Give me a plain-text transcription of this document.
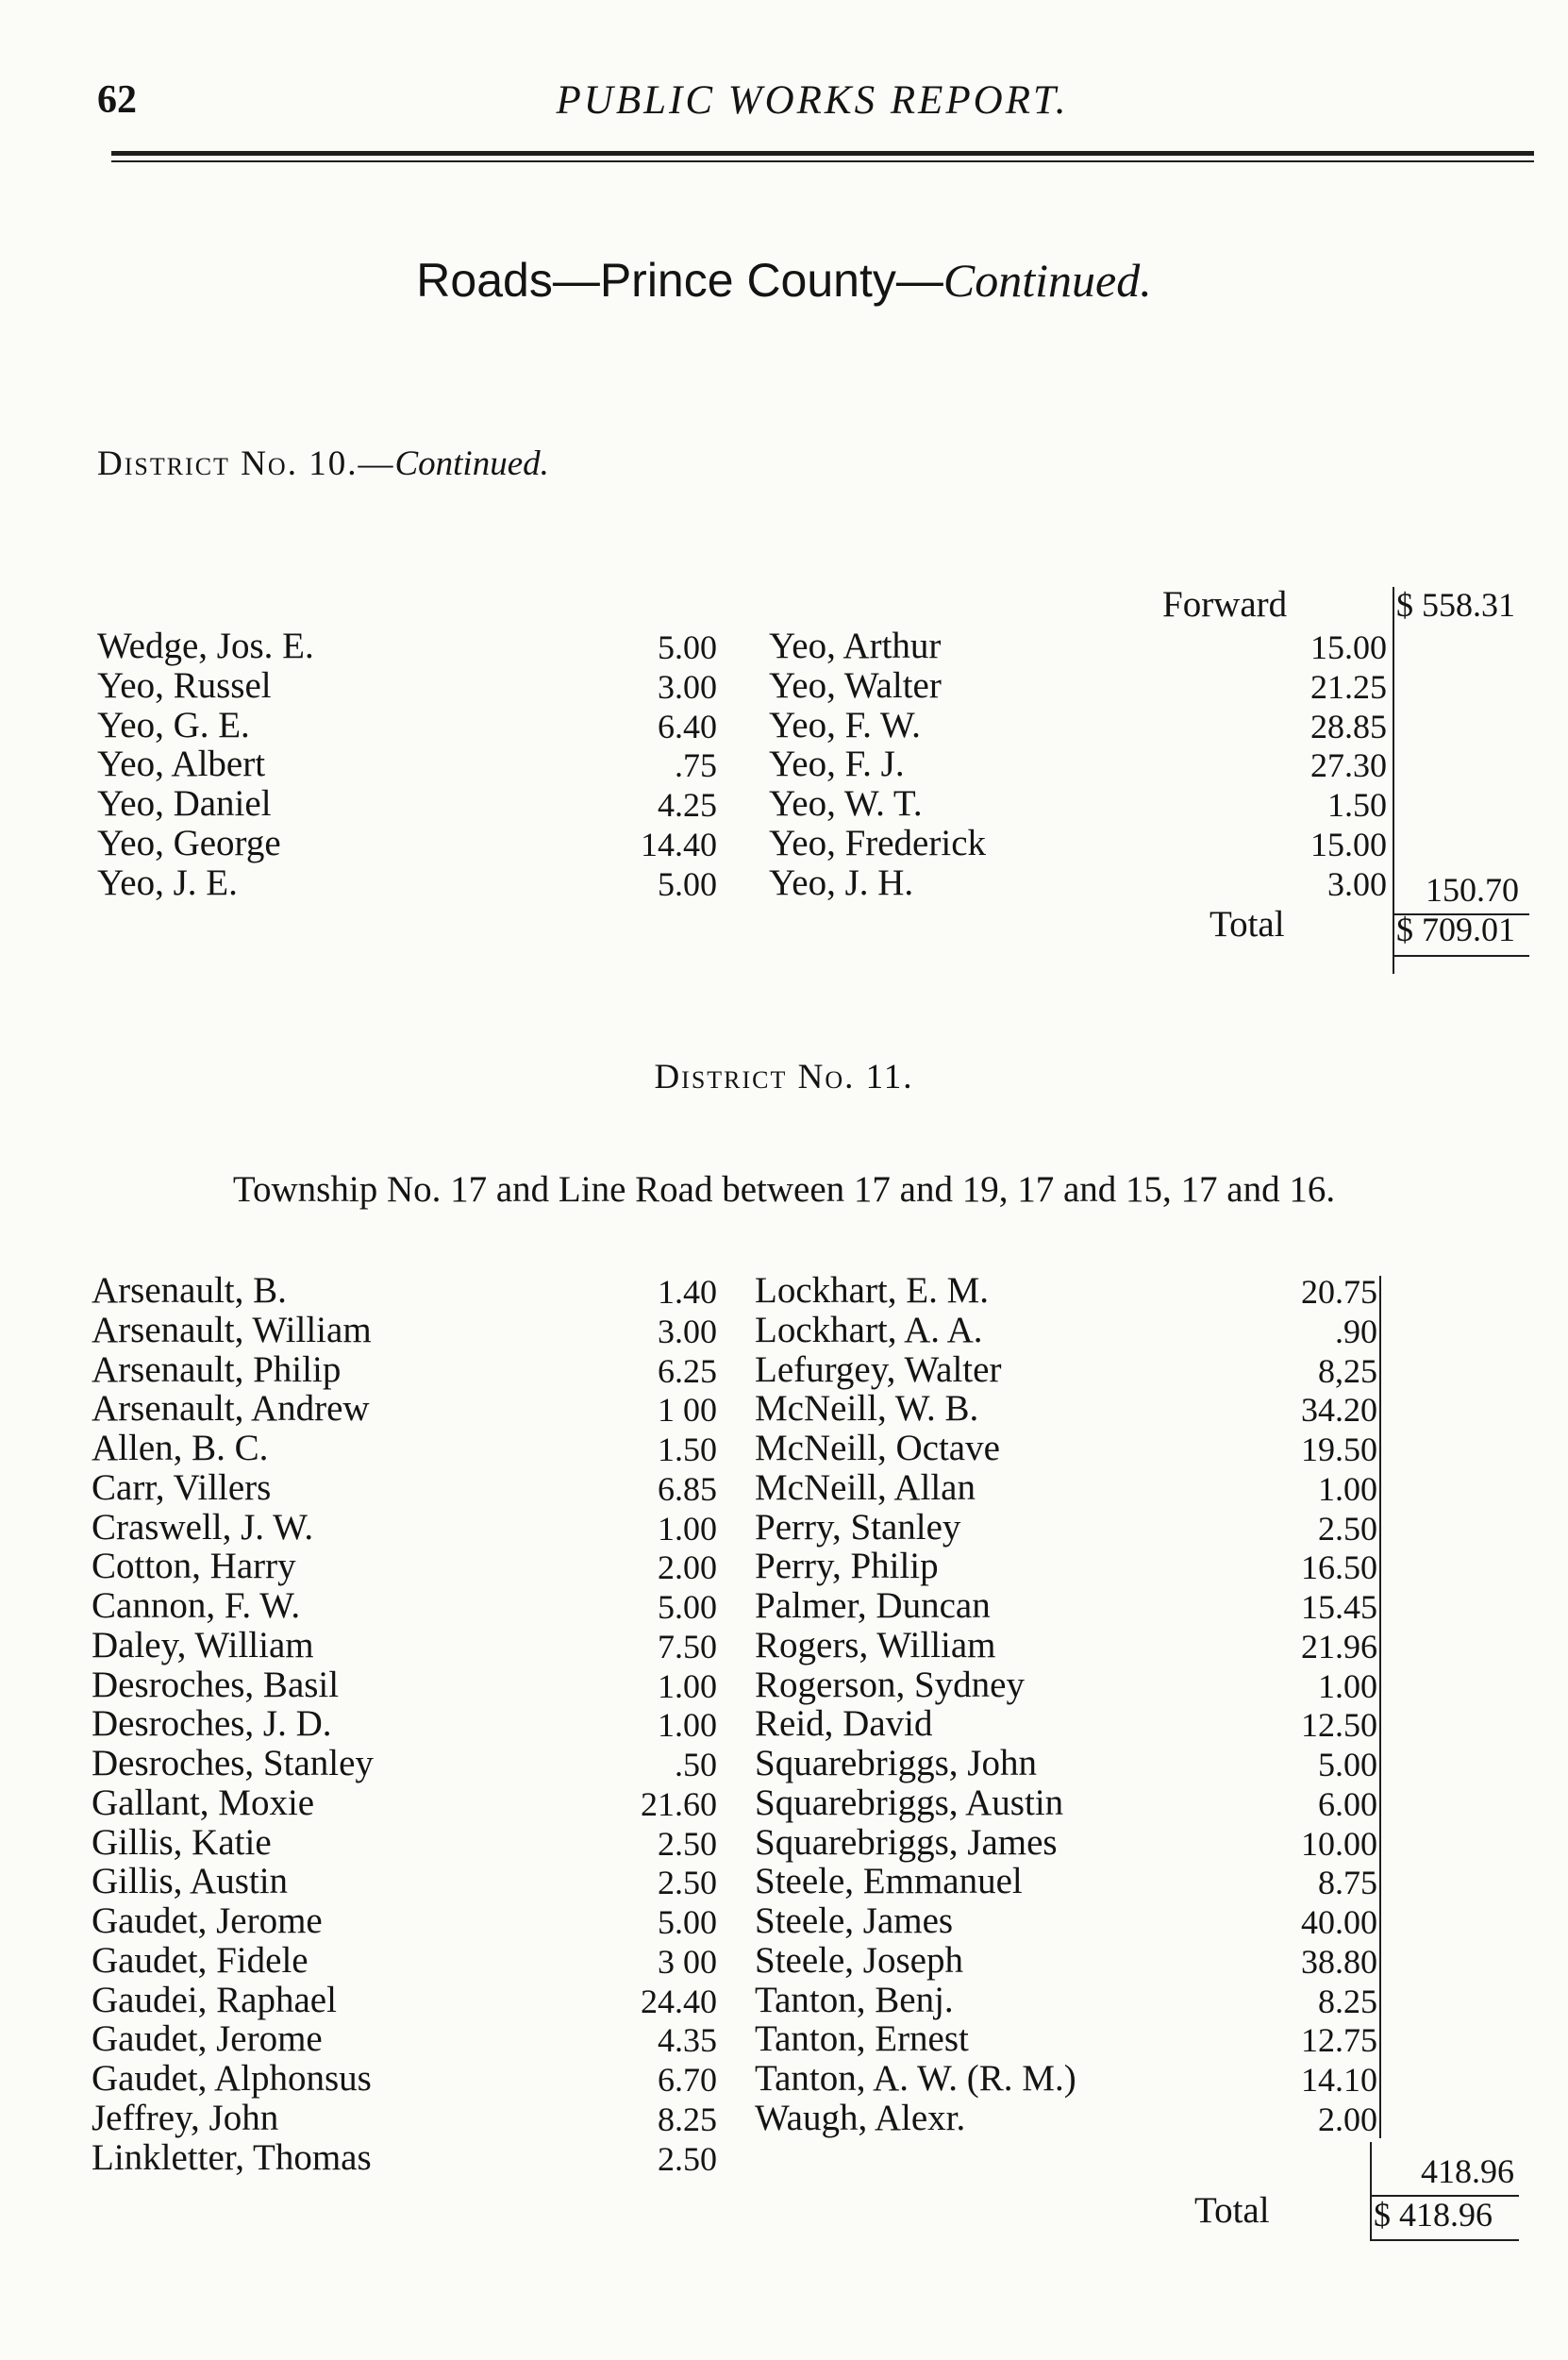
62	PUBLIC WORKS REPORT.
Roads—Prince County—Continued.
District No. 10.—Continued.
Wedge, Jos. E.	5.00
Yeo, Russel	3.00
Yeo, G. E.	6.40
Yeo, Albert	.75
Yeo, Daniel	4.25
Yeo, George	14.40
Yeo, J. E.	5.00
Yeo, Arthur	15.00
Yeo, Walter	21.25
Yeo, F. W.	28.85
Yeo, F. J.	27.30
Yeo, W. T.	1.50
Yeo, Frederick	15.00
Yeo, J. H.	3.00
Forward	$ 558.31
150.70
Total	$ 709.01
District No. 11.
Township No. 17 and Line Road between 17 and 19, 17 and 15, 17 and 16.
Arsenault, B.	1.40
Arsenault, William	3.00
Arsenault, Philip	6.25
Arsenault, Andrew	1 00
Allen, B. C.	1.50
Carr, Villers	6.85
Craswell, J. W.	1.00
Cotton, Harry	2.00
Cannon, F. W.	5.00
Daley, William	7.50
Desroches, Basil	1.00
Desroches, J. D.	1.00
Desroches, Stanley	.50
Gallant, Moxie	21.60
Gillis, Katie	2.50
Gillis, Austin	2.50
Gaudet, Jerome	5.00
Gaudet, Fidele	3 00
Gaudei, Raphael	24.40
Gaudet, Jerome	4.35
Gaudet, Alphonsus	6.70
Jeffrey, John	8.25
Linkletter, Thomas	2.50
Lockhart, E. M.	20.75
Lockhart, A. A.	.90
Lefurgey, Walter	8,25
McNeill, W. B.	34.20
McNeill, Octave	19.50
McNeill, Allan	1.00
Perry, Stanley	2.50
Perry, Philip	16.50
Palmer, Duncan	15.45
Rogers, William	21.96
Rogerson, Sydney	1.00
Reid, David	12.50
Squarebriggs, John	5.00
Squarebriggs, Austin	6.00
Squarebriggs, James	10.00
Steele, Emmanuel	8.75
Steele, James	40.00
Steele, Joseph	38.80
Tanton, Benj.	8.25
Tanton, Ernest	12.75
Tanton, A. W. (R. M.)	14.10
Waugh, Alexr.	2.00
418.96
Total	$ 418.96
